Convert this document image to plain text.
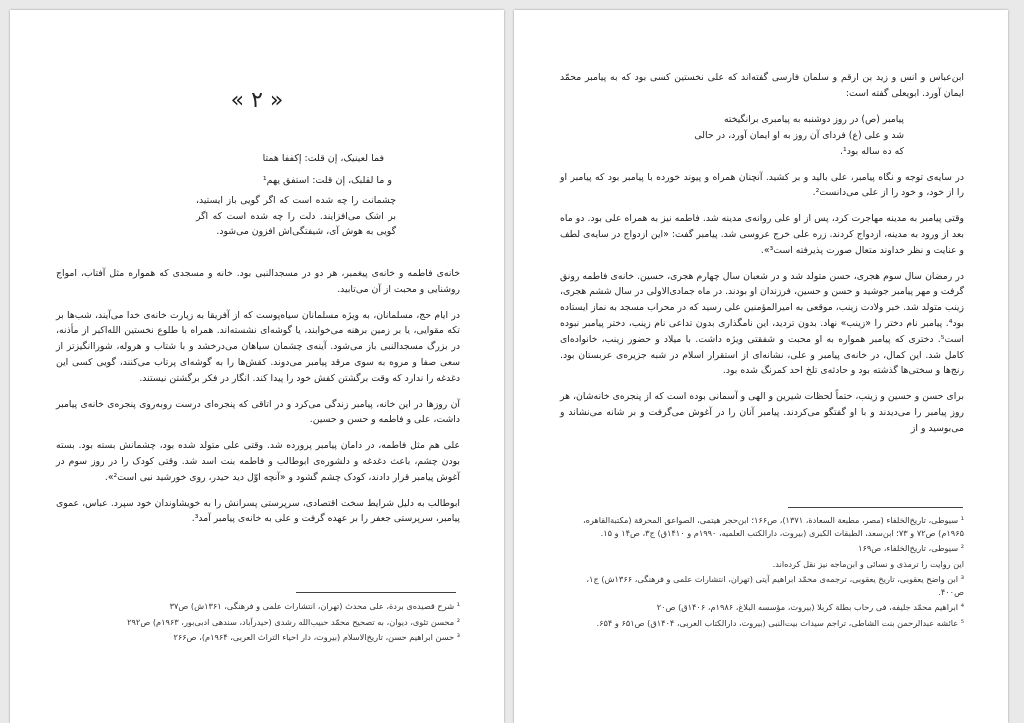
« ۲ »
فما لعینیک، إن قلت: إکففا همتا
و ما لقلبک، إن قلت: استفق یهم¹
چشمانت را چه شده است که اگر گویی باز ایستید، بر اشک می‌افزایند. دلت را چه شده است که اگر گویی به هوش آی، شیفتگی‌اش افزون می‌شود.

خانه‌ی فاطمه و خانه‌ی پیغمبر، هر دو در مسجدالنبی بود. خانه و مسجدی که همواره مثل آفتاب، امواج روشنایی و محبت از آن می‌تابید.

در ایام حج، مسلمانان، به ویژه مسلمانان سیاه‌پوست که از آفریقا به زیارت خانه‌ی خدا می‌آیند، شب‌ها بر تکه مقوایی، یا بر زمین برهنه می‌خوابند، یا گوشه‌ای نشسته‌اند. همراه با طلوع نخستین الله‌اکبر از مأذنه، در بزرگ مسجدالنبی باز می‌شود. آینه‌ی چشمان سیاهان می‌درخشد و با شتاب و هروله، شوراانگیزتر از سعی صفا و مروه به سوی مرقد پیامبر می‌دوند. کفش‌ها را به گوشه‌ای پرتاب می‌کنند، گویی کسی این دغدغه را ندارد که وقت برگشتن کفش خود را پیدا کند. انگار در فکر برگشتن نیستند.

آن روزها در این خانه، پیامبر زندگی می‌کرد و در اتاقی که پنجره‌ای درست روبه‌روی پنجره‌ی خانه‌ی پیامبر داشت، علی و فاطمه و حسن و حسین.

علی هم مثل فاطمه، در دامان پیامبر پرورده شد. وقتی علی متولد شده بود، چشمانش بسته بود. بسته بودن چشم، باعث دغدغه و دلشوره‌ی ابوطالب و فاطمه بنت اسد شد. وقتی کودک را در روز سوم در آغوش پیامبر قرار دادند، کودک چشم گشود و «آنچه اوّل دید حیدر، روی خورشید نبی است²».

ابوطالب به دلیل شرایط سخت اقتصادی، سرپرستی پسرانش را به خویشاوندان خود سپرد. عباس، عموی پیامبر، سرپرستی جعفر را بر عهده گرفت و علی به خانه‌ی پیامبر آمد³.

¹ شرح قصیده‌ی بردة، علی محدث (تهران، انتشارات علمی و فرهنگی، ۱۳۶۱ش) ص۳۷
² محسن تئوی، دیوان، به تصحیح محمّد حبیب‌الله رشدی (حیدرآباد، سندهی ادبی‌بور، ۱۹۶۳م) ص۲۹۲
³ حسن ابراهیم حسن، تاریخ‌الاسلام (بیروت، دار احیاء التراث العربی، ۱۹۶۴م)، ص۲۶۶

ابن‌عباس و انس و زید بن ارقم و سلمان فارسی گفته‌اند که علی نخستین کسی بود که به پیامبر محمّد ایمان آورد. ابویعلی گفته است:

پیامبر (ص) در روز دوشنبه به پیامبری برانگیخته
شد و علی (ع) فردای آن روز به او ایمان آورد، در حالی
که ده ساله بود¹.

در سایه‌ی توجه و نگاه پیامبر، علی بالید و بر کشید. آنچنان همراه و پیوند خورده با پیامبر بود که پیامبر او را از خود، و خود را از علی می‌دانست².

وقتی پیامبر به مدینه مهاجرت کرد، پس از او علی روانه‌ی مدینه شد. فاطمه نیز به همراه علی بود. دو ماه بعد از ورود به مدینه، ازدواج کردند. زره علی خرج عروسی شد. پیامبر گفت: «این ازدواج در سایه‌ی لطف و عنایت و نظر خداوند متعال صورت پذیرفته است³».

در رمضان سال سوم هجری، حسن متولد شد و در شعبان سال چهارم هجری، حسین. خانه‌ی فاطمه رونق گرفت و مهر پیامبر جوشید و حسن و حسین، فرزندان او بودند. در ماه جمادی‌الاولی در سال ششم هجری، زینب متولد شد. خبر ولادت زینب، موقعی به امیرالمؤمنین علی رسید که در محراب مسجد به نماز ایستاده بود⁴. پیامبر نام دختر را «زینب» نهاد. بدون تردید، این نامگذاری بدون تداعی نام زینب، دختر پیامبر نبوده است⁵. دختری که پیامبر همواره به او محبت و شفقتی ویژه داشت. با میلاد و حضور زینب، خانواده‌ای کامل شد. این کمال، در خانه‌ی پیامبر و علی، نشانه‌ای از استقرار اسلام در شبه جزیره‌ی عربستان بود. رنج‌ها و سختی‌ها گذشته بود و حادثه‌ی تلخ احد کمرنگ شده بود.

برای حسن و حسین و زینب، حتماً لحظات شیرین و الهی و آسمانی بوده است که از پنجره‌ی خانه‌شان، هر روز پیامبر را می‌دیدند و با او گفتگو می‌کردند. پیامبر آنان را در آغوش می‌گرفت و بر شانه می‌نشاند و می‌بوسید و از

¹ سیوطی، تاریخ‌الخلفاء (مصر، مطبعة السعادة، ۱۳۷۱)، ص۱۶۶؛ ابن‌حجر هیتمی، الصواعق المحرقة (مکتبة‌القاهره، ۱۹۶۵م) ص۷۲ و ۷۳؛ ابن‌سعد، الطبقات الکبری (بیروت، دارالکتب العلمیه، ۱۹۹۰م و ۱۴۱۰ق) ج۳، ص۱۴ و ۱۵.
² سیوطی، تاریخ‌الخلفاء، ص۱۶۹
این روایت را ترمذی و نسائی و ابن‌ماجه نیز نقل کرده‌اند.
³ ابن واضح یعقوبی، تاریخ یعقوبی، ترجمه‌ی محمّد ابراهیم آیتی (تهران، انتشارات علمی و فرهنگی، ۱۳۶۶ش) ج۱، ص۴۰۰.
⁴ ابراهیم محمّد جلیفه، فی رحاب بطلة کربلا (بیروت، مؤسسه البلاغ، ۱۹۸۶م، ۱۴۰۶ق) ص۲۰
⁵ عائشه عبدالرحمن بنت الشاطی، تراجم سیدات بیت‌النبی (بیروت، دارالکتاب العربی، ۱۴۰۴ق) ص۶۵۱ و ۶۵۴.
